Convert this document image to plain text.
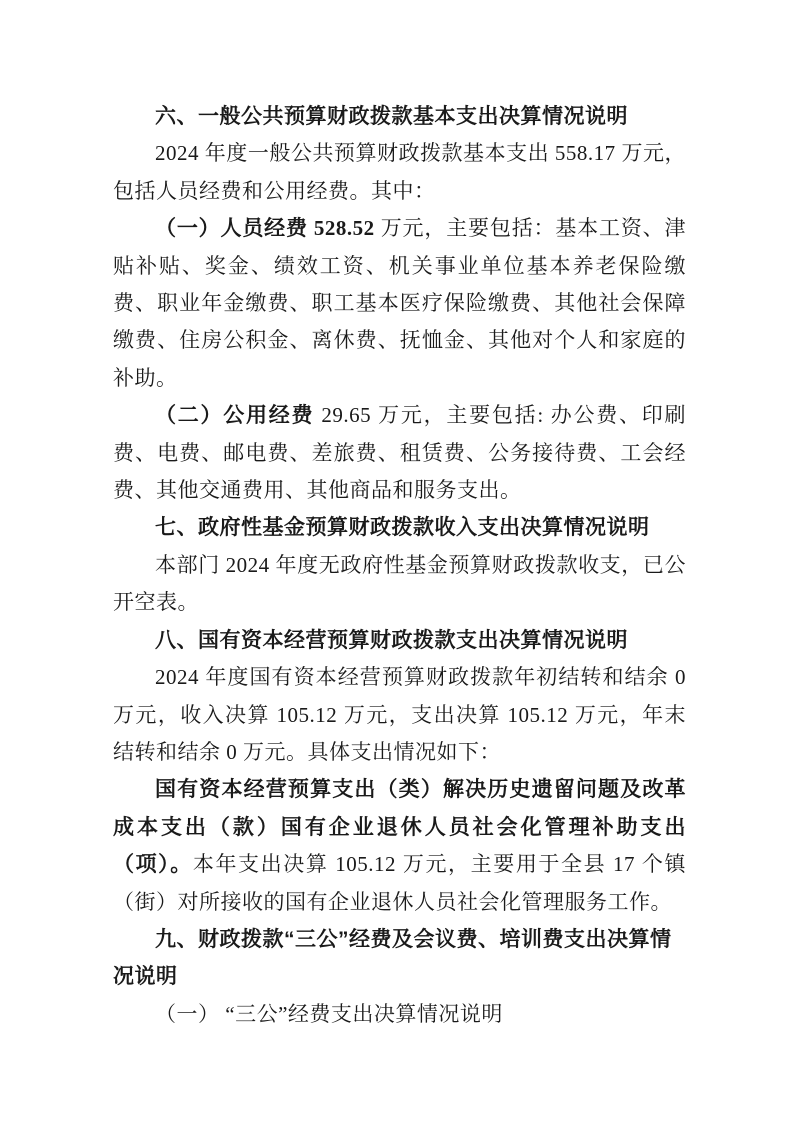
六、一般公共预算财政拨款基本支出决算情况说明

2024 年度一般公共预算财政拨款基本支出 558.17 万元，包括人员经费和公用经费。其中：

（一）人员经费 528.52 万元，主要包括：基本工资、津贴补贴、奖金、绩效工资、机关事业单位基本养老保险缴费、职业年金缴费、职工基本医疗保险缴费、其他社会保障缴费、住房公积金、离休费、抚恤金、其他对个人和家庭的补助。

（二）公用经费 29.65 万元，主要包括: 办公费、印刷费、电费、邮电费、差旅费、租赁费、公务接待费、工会经费、其他交通费用、其他商品和服务支出。

七、政府性基金预算财政拨款收入支出决算情况说明

本部门 2024 年度无政府性基金预算财政拨款收支，已公开空表。

八、国有资本经营预算财政拨款支出决算情况说明

2024 年度国有资本经营预算财政拨款年初结转和结余 0 万元，收入决算 105.12 万元，支出决算 105.12 万元，年末结转和结余 0 万元。具体支出情况如下：

国有资本经营预算支出（类）解决历史遗留问题及改革成本支出（款）国有企业退休人员社会化管理补助支出（项）。本年支出决算 105.12 万元，主要用于全县 17 个镇（街）对所接收的国有企业退休人员社会化管理服务工作。

九、财政拨款“三公”经费及会议费、培训费支出决算情况说明

（一） “三公”经费支出决算情况说明
